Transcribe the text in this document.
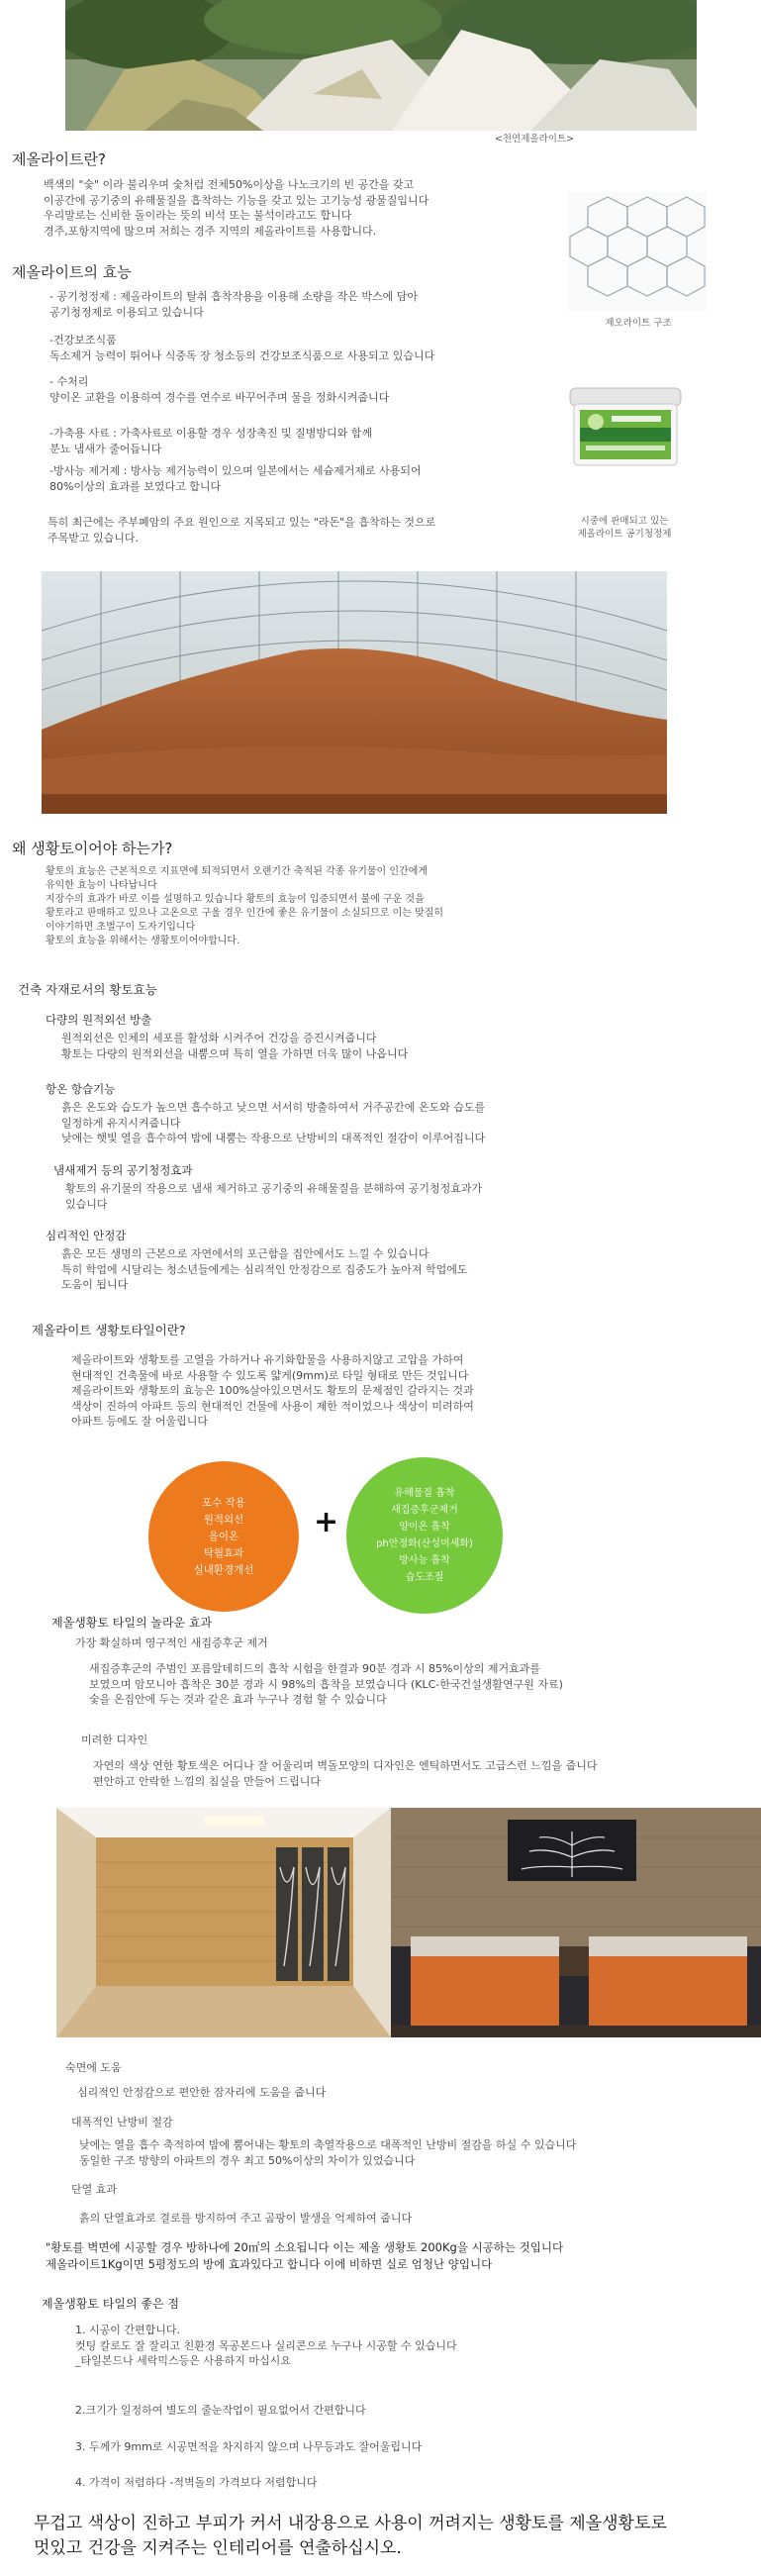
<천연제올라이트>
제올라이트란?
백색의 "숯" 이라 불리우며 숯처럼 전체50%이상을 나노크기의 빈 공간을 갖고
이공간에 공기중의 유해물질을 흡착하는 기능을 갖고 있는 고기능성 광물질입니다
우리말로는 신비한 돌이라는 뜻의 비석 또는 불석이라고도 합니다
경주,포항지역에 많으며 저희는 경주 지역의 제올라이트를 사용합니다.
제오라이트 구조
제올라이트의 효능
- 공기청정제 : 제올라이트의 탈취 흡착작용을 이용해 소량을 작은 박스에 담아
공기청정제로 이용되고 있습니다
-건강보조식품
독소제거 능력이 뛰어나 식중독 장 청소등의 건강보조식품으로 사용되고 있습니다
- 수처리
양이온 교환을 이용하여 경수를 연수로 바꾸어주며 물을 정화시켜줍니다
-가축용 사료 : 가축사료로 이용할 경우 성장촉진 및 질병방디와 함께
분뇨 냄새가 줄어듭니다
-방사능 제거제 : 방사능 제거능력이 있으며 일본에서는 세슘제거제로 사용되어
80%이상의 효과를 보였다고 합니다
특히 최근에는 주부폐암의 주요 원인으로 지목되고 있는 "라돈"을 흡착하는 것으로
주목받고 있습니다.
시중에 판매되고 있는
제올라이트 공기청정제
왜 생황토이어야 하는가?
황토의 효능은 근본적으로 지표면에 퇴적되면서 오랜기간 축적된 각종 유기물이 인간에게
유익한 효능이 나타납니다
지장수의 효과가 바로 이를 설명하고 있습니다 황토의 효능이 입증되면서 불에 구운 것을
황토라고 판매하고 있으나 고온으로 구울 경우 인간에 좋은 유기물이 소실되므로 이는 맞질히
이야기하면 초벌구이 도자기입니다
황토의 효능을 위해서는 생황토이어야합니다.
건축 자재로서의 황토효능
다량의 원적외선 방출
원적외선은 인체의 세포를 활성화 시켜주어 건강을 증진시켜줍니다
황토는 다량의 원적외선을 내뿜으며 특히 열을 가하면 더욱 많이 나옵니다
항온 항습기능
흙은 온도와 습도가 높으면 흡수하고 낮으면 서서히 방출하여서 거주공간에 온도와 습도를
일정하게 유지시켜줍니다
낮에는 햇빛 열을 흡수하여 밤에 내뿜는 작용으로 난방비의 대폭적인 절감이 이루어집니다
냄새제거 등의 공기청정효과
황토의 유기물의 작용으로 냄새 제거하고 공기중의 유해물질을 분해하여 공기청정효과가
있습니다
심리적인 안정감
흙은 모든 생명의 근본으로 자연에서의 포근함을 집안에서도 느낄 수 있습니다
특히 학업에 시달리는 청소년들에게는 심리적인 안정감으로 집중도가 높아져 학업에도
도움이 됩니다
제올라이트 생황토타일이란?
제올라이트와 생황토를 고열을 가하거나 유기화합물을 사용하지않고 고압을 가하여
현대적인 건축물에 바로 사용할 수 있도록 얇게(9mm)로 타일 형태로 만든 것입니다
제올라이트와 생황토의 효능은 100%살아있으면서도 황토의 문제점인 갈라지는 것과
색상이 진하여 아파트 등의 현대적인 건물에 사용이 제한 적이었으나 색상이 미려하여
아파트 등에도 잘 어울립니다
포수 작용
원적외선
음이온
탁월효과
실내환경개선
+
유해물질 흡착
새집증후군제거
양이온 흡착
ph안정화(산성미세화)
방사능 흡착
습도조절
제올생황토 타일의 놀라운 효과
가장 확실하며 영구적인 새집증후군 제거
새집증후군의 주범인 포름알데히드의 흡착 시험을 한결과 90분 경과 시 85%이상의 제거효과를
보였으며 암모니아 흡착은 30분 경과 시 98%의 흡착을 보였습니다 (KLC-한국건설생활연구원 자료)
숯을 온집안에 두는 것과 같은 효과 누구나 경험 할 수 있습니다
미려한 디자인
자연의 색상 연한 황토색은 어디나 잘 어울리며 벽돌모양의 디자인은 엔틱하면서도 고급스런 느낌을 줍니다
편안하고 안락한 느낌의 침실을 만들어 드립니다
숙면에 도움
심리적인 안정감으로 편안한 잠자리에 도움을 줍니다
대폭적인 난방비 절감
낮에는 열을 흡수 축적하여 밤에 뿜어내는 황토의 축열작용으로 대폭적인 난방비 절감을 하실 수 있습니다
동일한 구조 방향의 아파트의 경우 최고 50%이상의 차이가 있었습니다
단열 효과
흙의 단열효과로 결로를 방지하여 주고 곰팡이 발생을 억제하여 줍니다
"황토를 벽면에 시공할 경우 방하나에 20㎡의 소요됩니다 이는 제올 생황토 200Kg을 시공하는 것입니다
제올라이트1Kg이면 5평정도의 방에 효과있다고 합니다 이에 비하면 실로 엄청난 양입니다
제올생황토 타일의 좋은 점
1. 시공이 간편합니다.
컷팅 칼로도 잘 잘리고 친환경 목공본드나 실리콘으로 누구나 시공할 수 있습니다
_타일본드나 세락믹스등은 사용하지 마십시요
2.크기가 일정하여 별도의 줄눈작업이 필요없어서 간편합니다
3. 두께가 9mm로 시공면적을 차지하지 않으며 나무등과도 잘어울립니다
4. 가격이 저렴하다 -적벽돌의 가격보다 저렴합니다
무겁고 색상이 진하고 부피가 커서 내장용으로 사용이 꺼려지는 생황토를 제올생황토로
멋있고 건강을 지켜주는 인테리어를 연출하십시오.
